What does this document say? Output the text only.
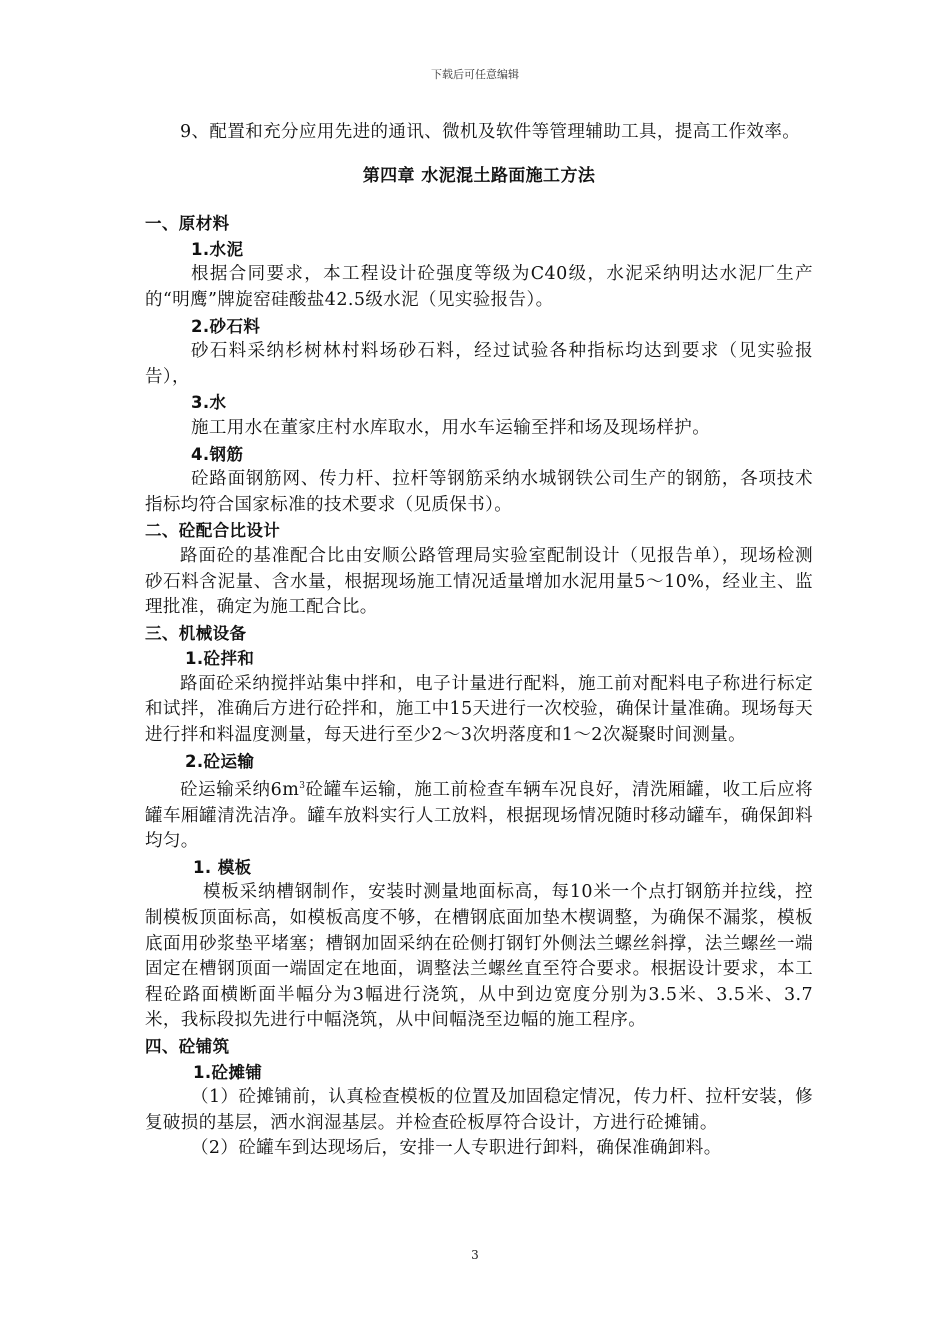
下载后可任意编辑

9、配置和充分应用先进的通讯、微机及软件等管理辅助工具，提高工作效率。

第四章 水泥混土路面施工方法

一、原材料

1.水泥

根据合同要求，本工程设计砼强度等级为C40级，水泥采纳明达水泥厂生产的“明鹰”牌旋窑硅酸盐42.5级水泥（见实验报告）。

2.砂石料

砂石料采纳杉树林村料场砂石料，经过试验各种指标均达到要求（见实验报告），

3.水

施工用水在董家庄村水库取水，用水车运输至拌和场及现场样护。

4.钢筋

砼路面钢筋网、传力杆、拉杆等钢筋采纳水城钢铁公司生产的钢筋，各项技术指标均符合国家标准的技术要求（见质保书）。

二、砼配合比设计

路面砼的基准配合比由安顺公路管理局实验室配制设计（见报告单），现场检测砂石料含泥量、含水量，根据现场施工情况适量增加水泥用量5～10%，经业主、监理批准，确定为施工配合比。

三、机械设备

1.砼拌和

路面砼采纳搅拌站集中拌和，电子计量进行配料，施工前对配料电子称进行标定和试拌，准确后方进行砼拌和，施工中15天进行一次校验，确保计量准确。现场每天进行拌和料温度测量，每天进行至少2～3次坍落度和1～2次凝聚时间测量。

2.砼运输

砼运输采纳$6m^3$砼罐车运输，施工前检查车辆车况良好，清洗厢罐，收工后应将罐车厢罐清洗洁净。罐车放料实行人工放料，根据现场情况随时移动罐车，确保卸料均匀。

1. 模板

模板采纳槽钢制作，安装时测量地面标高，每10米一个点打钢筋并拉线，控制模板顶面标高，如模板高度不够，在槽钢底面加垫木楔调整，为确保不漏浆，模板底面用砂浆垫平堵塞；槽钢加固采纳在砼侧打钢钉外侧法兰螺丝斜撑，法兰螺丝一端固定在槽钢顶面一端固定在地面，调整法兰螺丝直至符合要求。根据设计要求，本工程砼路面横断面半幅分为3幅进行浇筑，从中到边宽度分别为3.5米、3.5米、3.7米，我标段拟先进行中幅浇筑，从中间幅浇至边幅的施工程序。

四、砼铺筑

1.砼摊铺

（1）砼摊铺前，认真检查模板的位置及加固稳定情况，传力杆、拉杆安装，修复破损的基层，洒水润湿基层。并检查砼板厚符合设计，方进行砼摊铺。

（2）砼罐车到达现场后，安排一人专职进行卸料，确保准确卸料。

3
